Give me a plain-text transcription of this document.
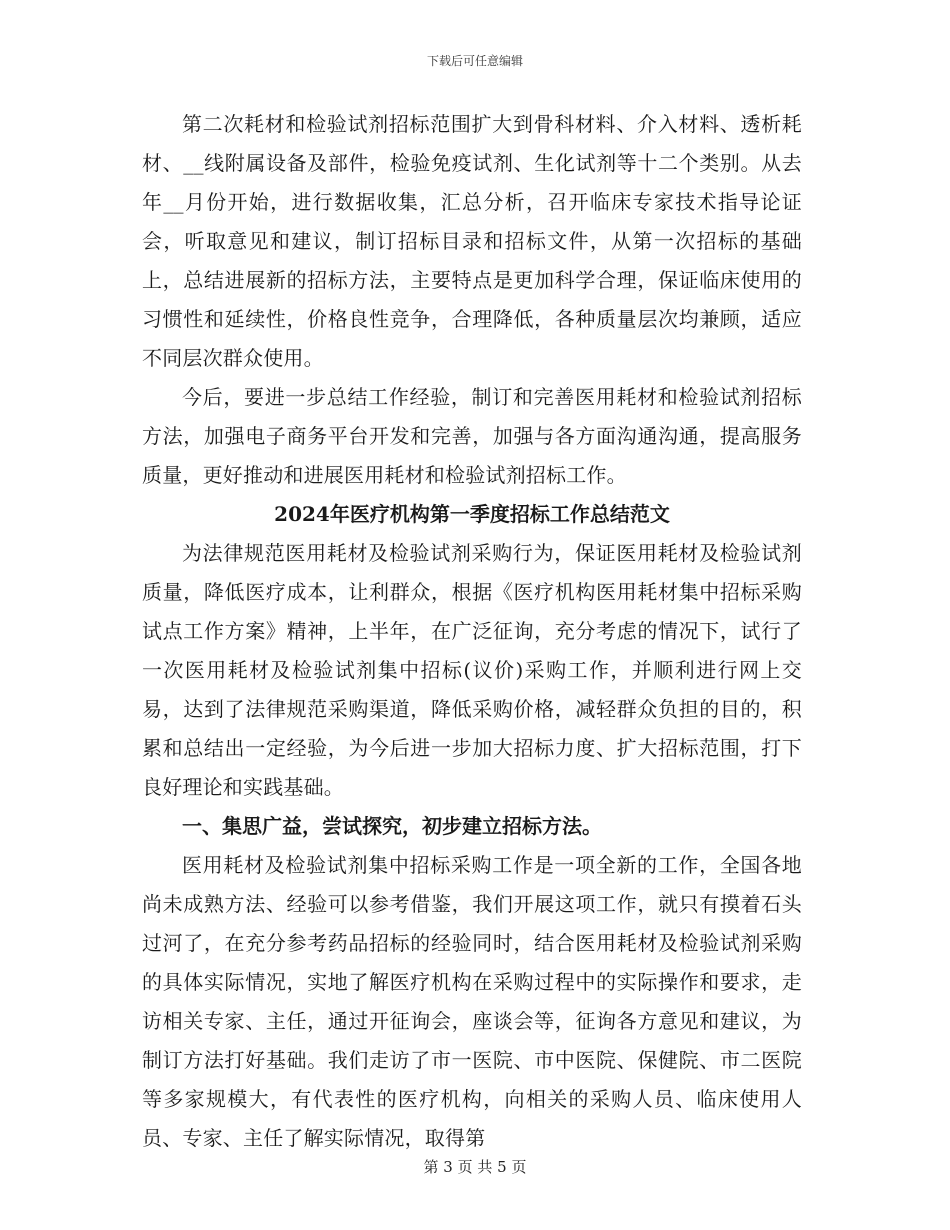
下载后可任意编辑

第二次耗材和检验试剂招标范围扩大到骨科材料、介入材料、透析耗材、__线附属设备及部件，检验免疫试剂、生化试剂等十二个类别。从去年__月份开始，进行数据收集，汇总分析，召开临床专家技术指导论证会，听取意见和建议，制订招标目录和招标文件，从第一次招标的基础上，总结进展新的招标方法，主要特点是更加科学合理，保证临床使用的习惯性和延续性，价格良性竞争，合理降低，各种质量层次均兼顾，适应不同层次群众使用。

今后，要进一步总结工作经验，制订和完善医用耗材和检验试剂招标方法，加强电子商务平台开发和完善，加强与各方面沟通沟通，提高服务质量，更好推动和进展医用耗材和检验试剂招标工作。

2024年医疗机构第一季度招标工作总结范文

为法律规范医用耗材及检验试剂采购行为，保证医用耗材及检验试剂质量，降低医疗成本，让利群众，根据《医疗机构医用耗材集中招标采购试点工作方案》精神，上半年，在广泛征询，充分考虑的情况下，试行了一次医用耗材及检验试剂集中招标(议价)采购工作，并顺利进行网上交易，达到了法律规范采购渠道，降低采购价格，减轻群众负担的目的，积累和总结出一定经验，为今后进一步加大招标力度、扩大招标范围，打下良好理论和实践基础。

一、集思广益，尝试探究，初步建立招标方法。

医用耗材及检验试剂集中招标采购工作是一项全新的工作，全国各地尚未成熟方法、经验可以参考借鉴，我们开展这项工作，就只有摸着石头过河了，在充分参考药品招标的经验同时，结合医用耗材及检验试剂采购的具体实际情况，实地了解医疗机构在采购过程中的实际操作和要求，走访相关专家、主任，通过开征询会，座谈会等，征询各方意见和建议，为制订方法打好基础。我们走访了市一医院、市中医院、保健院、市二医院等多家规模大，有代表性的医疗机构，向相关的采购人员、临床使用人员、专家、主任了解实际情况，取得第

第 3 页 共 5 页
